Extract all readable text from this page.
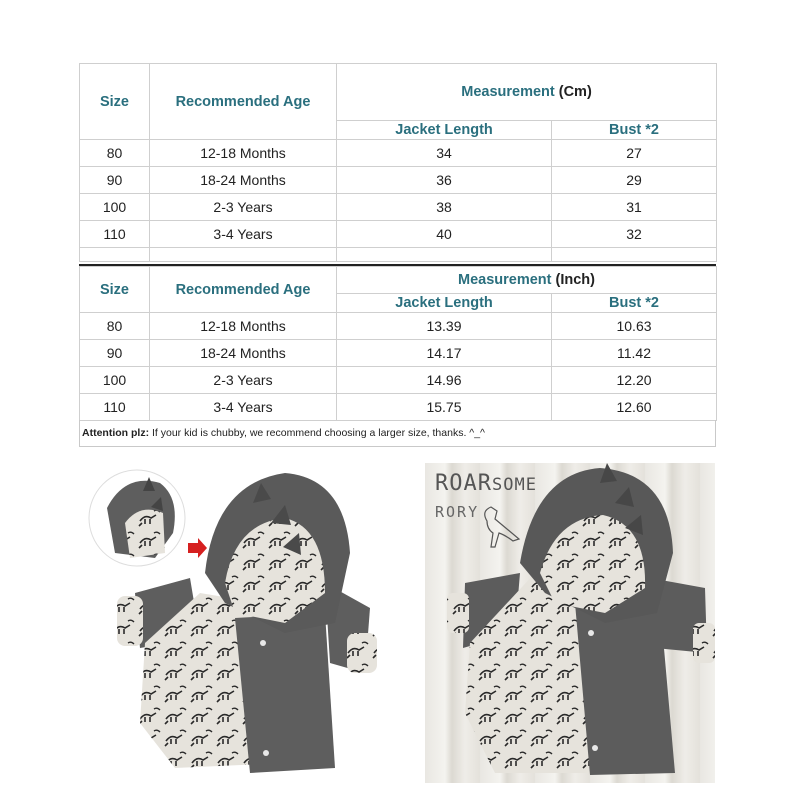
Size	Recommended Age	Measurement (Cm)	
		Jacket Length	Bust *2
80	12-18 Months	34	27
90	18-24 Months	36	29
100	2-3 Years	38	31
110	3-4 Years	40	32

Size	Recommended Age	Measurement (Inch)	
		Jacket Length	Bust *2
80	12-18 Months	13.39	10.63
90	18-24 Months	14.17	11.42
100	2-3 Years	14.96	12.20
110	3-4 Years	15.75	12.60
Attention plz: If your kid is chubby, we recommend choosing a larger size, thanks. ^_^
ROARSOME
RORY
